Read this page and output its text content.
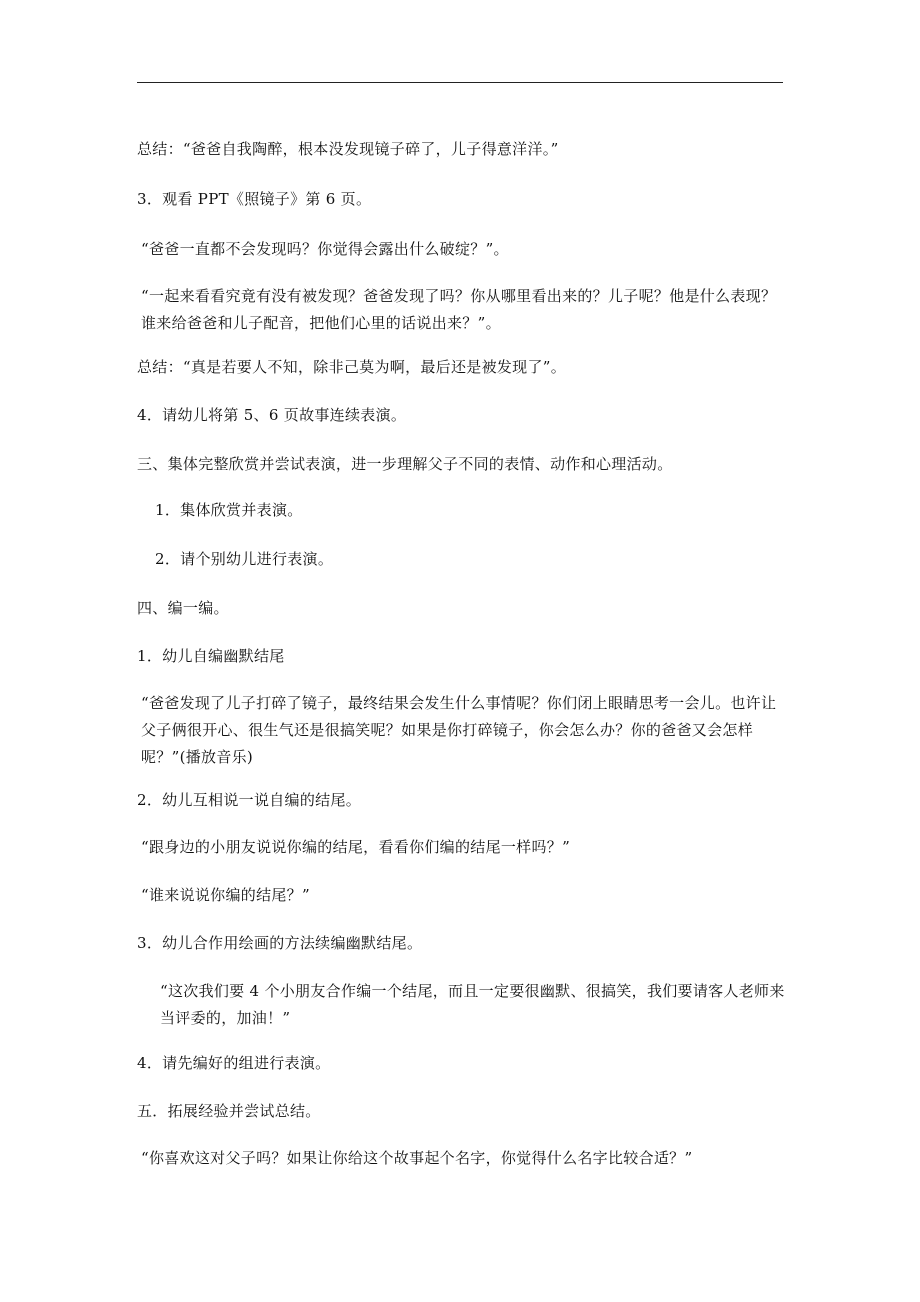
总结：“爸爸自我陶醉，根本没发现镜子碎了，儿子得意洋洋。”
3．观看 PPT《照镜子》第 6 页。
“爸爸一直都不会发现吗？你觉得会露出什么破绽？”。
“一起来看看究竟有没有被发现？爸爸发现了吗？你从哪里看出来的？儿子呢？他是什么表现？谁来给爸爸和儿子配音，把他们心里的话说出来？”。
总结：“真是若要人不知，除非己莫为啊，最后还是被发现了”。
4．请幼儿将第 5、6 页故事连续表演。
三、集体完整欣赏并尝试表演，进一步理解父子不同的表情、动作和心理活动。
1．集体欣赏并表演。
2．请个别幼儿进行表演。
四、编一编。
1．幼儿自编幽默结尾
“爸爸发现了儿子打碎了镜子，最终结果会发生什么事情呢？你们闭上眼睛思考一会儿。也许让父子俩很开心、很生气还是很搞笑呢？如果是你打碎镜子，你会怎么办？你的爸爸又会怎样呢？”(播放音乐)
2．幼儿互相说一说自编的结尾。
“跟身边的小朋友说说你编的结尾，看看你们编的结尾一样吗？”
“谁来说说你编的结尾？”
3．幼儿合作用绘画的方法续编幽默结尾。
“这次我们要 4 个小朋友合作编一个结尾，而且一定要很幽默、很搞笑，我们要请客人老师来当评委的，加油！”
4．请先编好的组进行表演。
五．拓展经验并尝试总结。
“你喜欢这对父子吗？如果让你给这个故事起个名字，你觉得什么名字比较合适？”
